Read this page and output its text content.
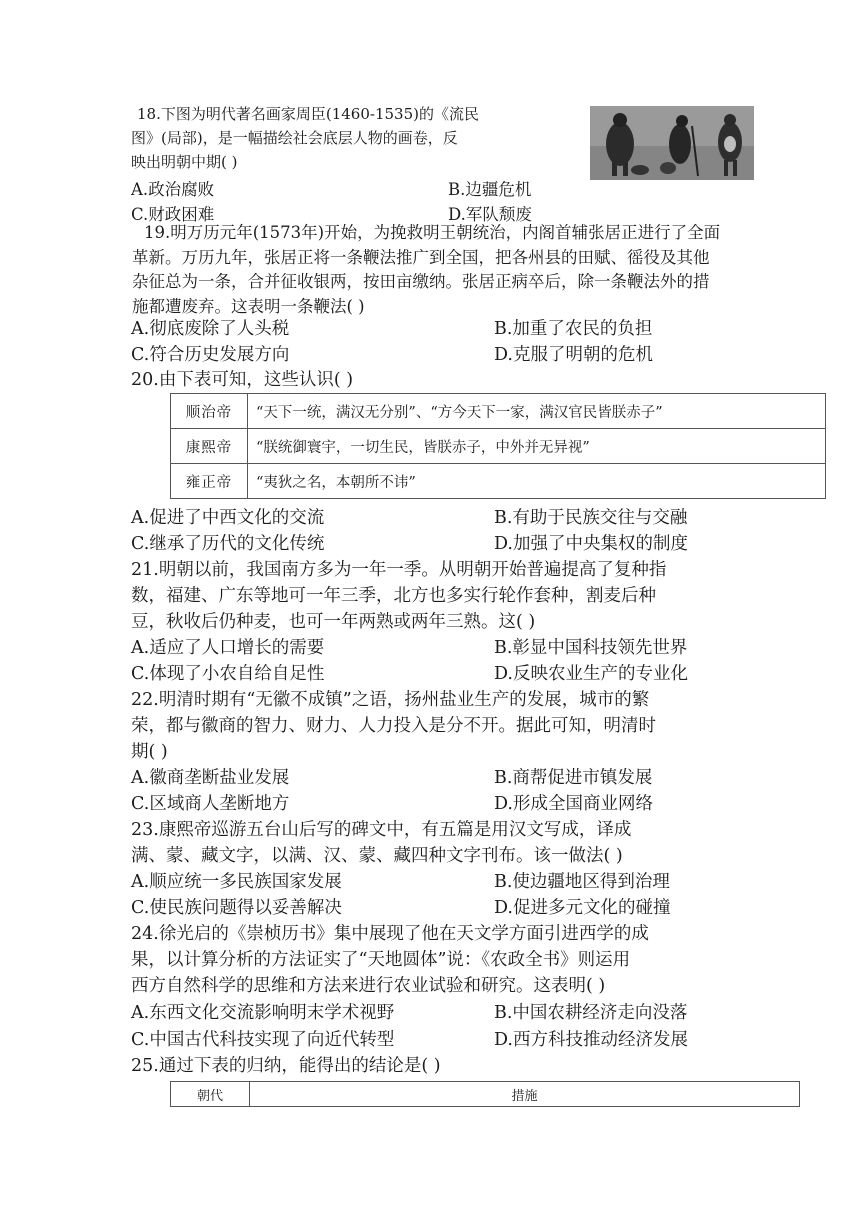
18.下图为明代著名画家周臣(1460-1535)的《流民
图》(局部)，是一幅描绘社会底层人物的画卷，反
映出明朝中期( )
A.政治腐败	B.边疆危机
C.财政困难	D.军队颓废
19.明万历元年(1573年)开始，为挽救明王朝统治，内阁首辅张居正进行了全面
革新。万历九年，张居正将一条鞭法推广到全国，把各州县的田赋、徭役及其他
杂征总为一条，合并征收银两，按田亩缴纳。张居正病卒后，除一条鞭法外的措
施都遭废弃。这表明一条鞭法( )
A.彻底废除了人头税	B.加重了农民的负担
C.符合历史发展方向	D.克服了明朝的危机
20.由下表可知，这些认识( )
顺治帝	“天下一统，满汉无分别”、“方今天下一家，满汉官民皆朕赤子”
康熙帝	“朕统御寰宇，一切生民，皆朕赤子，中外并无异视”
雍正帝	“夷狄之名，本朝所不讳”
A.促进了中西文化的交流	B.有助于民族交往与交融
C.继承了历代的文化传统	D.加强了中央集权的制度
21.明朝以前，我国南方多为一年一季。从明朝开始普遍提高了复种指
数，福建、广东等地可一年三季，北方也多实行轮作套种，割麦后种
豆，秋收后仍种麦，也可一年两熟或两年三熟。这( )
A.适应了人口增长的需要	B.彰显中国科技领先世界
C.体现了小农自给自足性	D.反映农业生产的专业化
22.明清时期有“无徽不成镇”之语，扬州盐业生产的发展，城市的繁
荣，都与徽商的智力、财力、人力投入是分不开。据此可知，明清时
期( )
A.徽商垄断盐业发展	B.商帮促进市镇发展
C.区域商人垄断地方	D.形成全国商业网络
23.康熙帝巡游五台山后写的碑文中，有五篇是用汉文写成，译成
满、蒙、藏文字，以满、汉、蒙、藏四种文字刊布。该一做法( )
A.顺应统一多民族国家发展	B.使边疆地区得到治理
C.使民族问题得以妥善解决	D.促进多元文化的碰撞
24.徐光启的《崇桢历书》集中展现了他在天文学方面引进西学的成
果，以计算分析的方法证实了“天地圆体”说：《农政全书》则运用
西方自然科学的思维和方法来进行农业试验和研究。这表明( )
A.东西文化交流影响明末学术视野	B.中国农耕经济走向没落
C.中国古代科技实现了向近代转型	D.西方科技推动经济发展
25.通过下表的归纳，能得出的结论是( )
朝代	措施
